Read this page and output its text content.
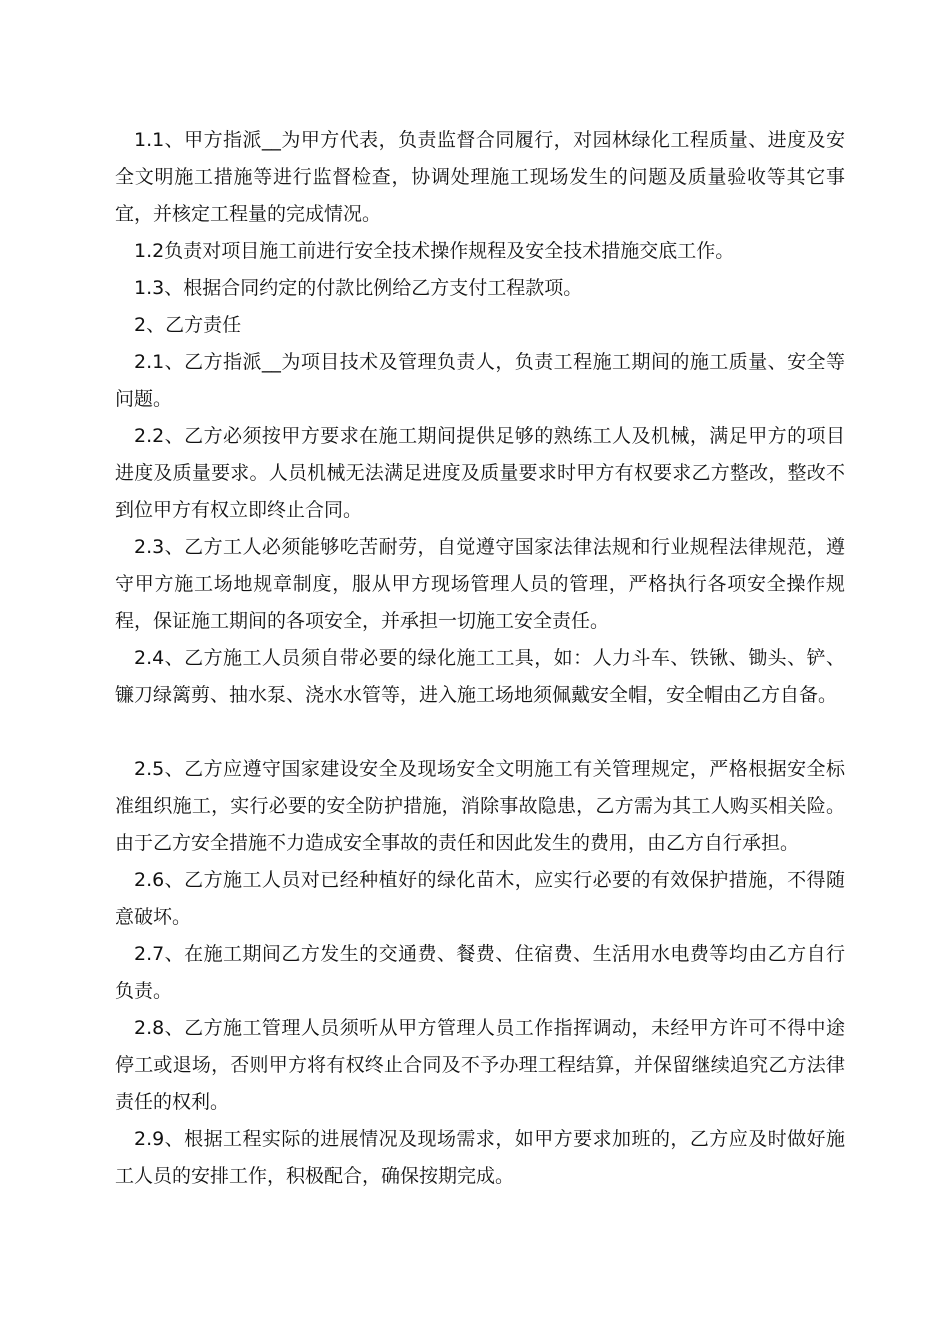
1.1、甲方指派__为甲方代表，负责监督合同履行，对园林绿化工程质量、进度及安全文明施工措施等进行监督检查，协调处理施工现场发生的问题及质量验收等其它事宜，并核定工程量的完成情况。

1.2负责对项目施工前进行安全技术操作规程及安全技术措施交底工作。

1.3、根据合同约定的付款比例给乙方支付工程款项。

2、乙方责任

2.1、乙方指派__为项目技术及管理负责人，负责工程施工期间的施工质量、安全等问题。

2.2、乙方必须按甲方要求在施工期间提供足够的熟练工人及机械，满足甲方的项目进度及质量要求。人员机械无法满足进度及质量要求时甲方有权要求乙方整改，整改不到位甲方有权立即终止合同。

2.3、乙方工人必须能够吃苦耐劳，自觉遵守国家法律法规和行业规程法律规范，遵守甲方施工场地规章制度，服从甲方现场管理人员的管理，严格执行各项安全操作规程，保证施工期间的各项安全，并承担一切施工安全责任。

2.4、乙方施工人员须自带必要的绿化施工工具，如：人力斗车、铁锹、锄头、铲、镰刀绿篱剪、抽水泵、浇水水管等，进入施工场地须佩戴安全帽，安全帽由乙方自备。

2.5、乙方应遵守国家建设安全及现场安全文明施工有关管理规定，严格根据安全标准组织施工，实行必要的安全防护措施，消除事故隐患，乙方需为其工人购买相关险。由于乙方安全措施不力造成安全事故的责任和因此发生的费用，由乙方自行承担。

2.6、乙方施工人员对已经种植好的绿化苗木，应实行必要的有效保护措施，不得随意破坏。

2.7、在施工期间乙方发生的交通费、餐费、住宿费、生活用水电费等均由乙方自行负责。

2.8、乙方施工管理人员须听从甲方管理人员工作指挥调动，未经甲方许可不得中途停工或退场，否则甲方将有权终止合同及不予办理工程结算，并保留继续追究乙方法律责任的权利。

2.9、根据工程实际的进展情况及现场需求，如甲方要求加班的，乙方应及时做好施工人员的安排工作，积极配合，确保按期完成。
